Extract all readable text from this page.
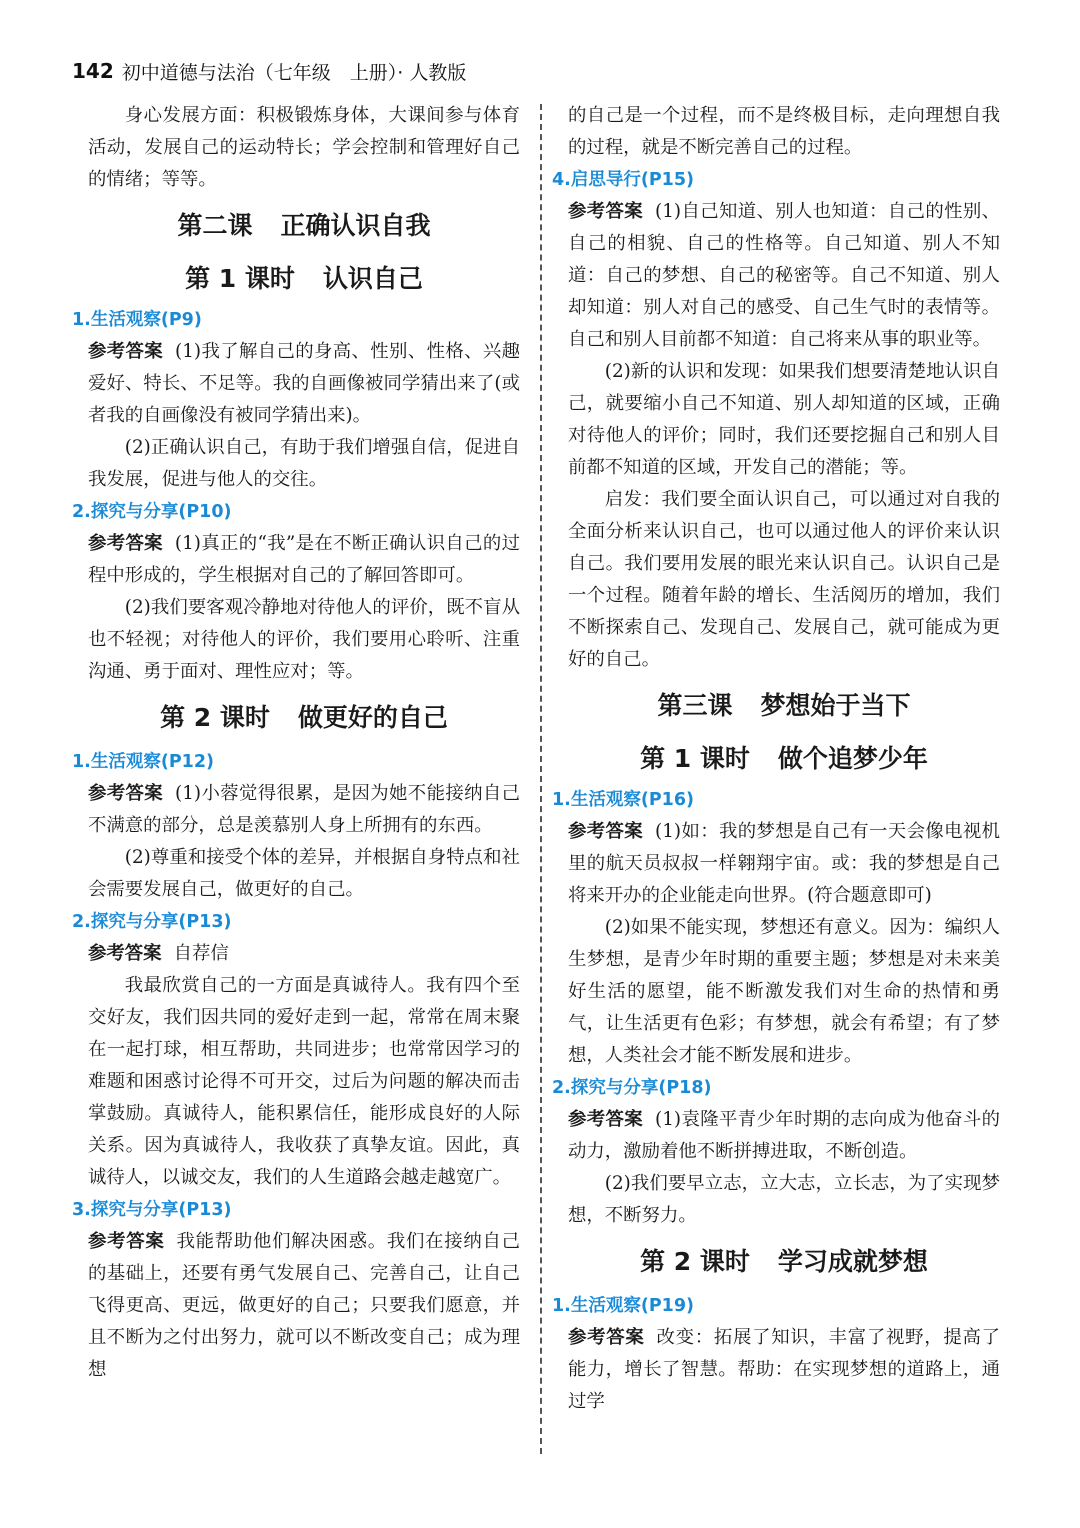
142 初中道德与法治（七年级　上册）· 人教版

身心发展方面：积极锻炼身体，大课间参与体育活动，发展自己的运动特长；学会控制和管理好自己的情绪；等等。

第二课 正确认识自我

第 1 课时 认识自己

1.生活观察(P9)

参考答案 (1)我了解自己的身高、性别、性格、兴趣爱好、特长、不足等。我的自画像被同学猜出来了(或者我的自画像没有被同学猜出来)。

(2)正确认识自己，有助于我们增强自信，促进自我发展，促进与他人的交往。

2.探究与分享(P10)

参考答案 (1)真正的“我”是在不断正确认识自己的过程中形成的，学生根据对自己的了解回答即可。

(2)我们要客观冷静地对待他人的评价，既不盲从也不轻视；对待他人的评价，我们要用心聆听、注重沟通、勇于面对、理性应对；等。

第 2 课时 做更好的自己

1.生活观察(P12)

参考答案 (1)小蓉觉得很累，是因为她不能接纳自己不满意的部分，总是羡慕别人身上所拥有的东西。

(2)尊重和接受个体的差异，并根据自身特点和社会需要发展自己，做更好的自己。

2.探究与分享(P13)

参考答案 自荐信

我最欣赏自己的一方面是真诚待人。我有四个至交好友，我们因共同的爱好走到一起，常常在周末聚在一起打球，相互帮助，共同进步；也常常因学习的难题和困惑讨论得不可开交，过后为问题的解决而击掌鼓励。真诚待人，能积累信任，能形成良好的人际关系。因为真诚待人，我收获了真挚友谊。因此，真诚待人，以诚交友，我们的人生道路会越走越宽广。

3.探究与分享(P13)

参考答案 我能帮助他们解决困惑。我们在接纳自己的基础上，还要有勇气发展自己、完善自己，让自己飞得更高、更远，做更好的自己；只要我们愿意，并且不断为之付出努力，就可以不断改变自己；成为理想

的自己是一个过程，而不是终极目标，走向理想自我的过程，就是不断完善自己的过程。

4.启思导行(P15)

参考答案 (1)自己知道、别人也知道：自己的性别、自己的相貌、自己的性格等。自己知道、别人不知道：自己的梦想、自己的秘密等。自己不知道、别人却知道：别人对自己的感受、自己生气时的表情等。自己和别人目前都不知道：自己将来从事的职业等。

(2)新的认识和发现：如果我们想要清楚地认识自己，就要缩小自己不知道、别人却知道的区域，正确对待他人的评价；同时，我们还要挖掘自己和别人目前都不知道的区域，开发自己的潜能；等。

启发：我们要全面认识自己，可以通过对自我的全面分析来认识自己，也可以通过他人的评价来认识自己。我们要用发展的眼光来认识自己。认识自己是一个过程。随着年龄的增长、生活阅历的增加，我们不断探索自己、发现自己、发展自己，就可能成为更好的自己。

第三课 梦想始于当下

第 1 课时 做个追梦少年

1.生活观察(P16)

参考答案 (1)如：我的梦想是自己有一天会像电视机里的航天员叔叔一样翱翔宇宙。或：我的梦想是自己将来开办的企业能走向世界。(符合题意即可)

(2)如果不能实现，梦想还有意义。因为：编织人生梦想，是青少年时期的重要主题；梦想是对未来美好生活的愿望，能不断激发我们对生命的热情和勇气，让生活更有色彩；有梦想，就会有希望；有了梦想，人类社会才能不断发展和进步。

2.探究与分享(P18)

参考答案 (1)袁隆平青少年时期的志向成为他奋斗的动力，激励着他不断拼搏进取，不断创造。

(2)我们要早立志，立大志，立长志，为了实现梦想，不断努力。

第 2 课时 学习成就梦想

1.生活观察(P19)

参考答案 改变：拓展了知识，丰富了视野，提高了能力，增长了智慧。帮助：在实现梦想的道路上，通过学
